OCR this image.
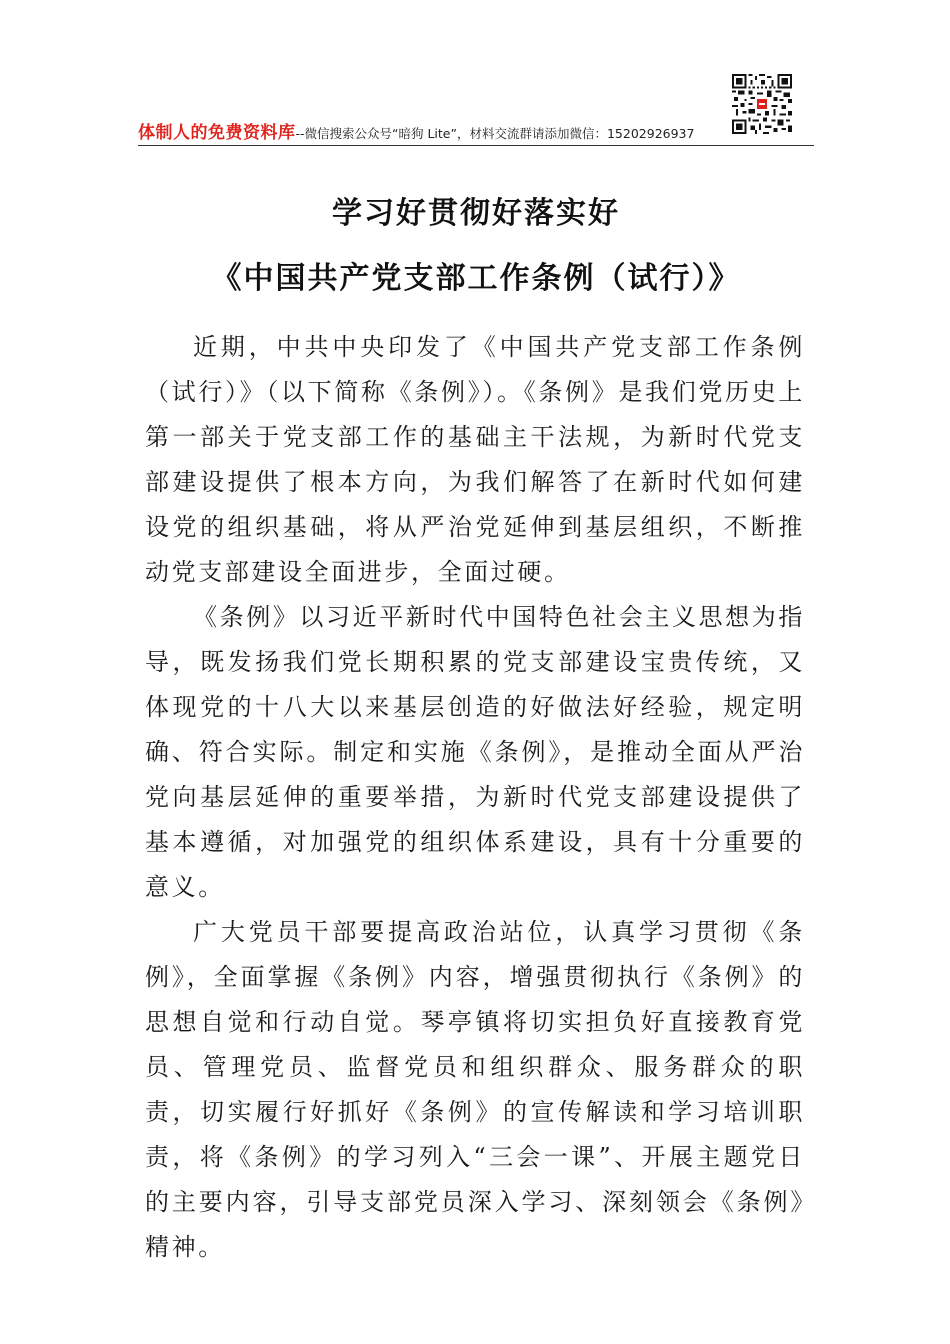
体制人的免费资料库--微信搜索公众号“暗狗 Lite”，材料交流群请添加微信：15202926937
学习好贯彻好落实好
《中国共产党支部工作条例（试行）》

近期，中共中央印发了《中国共产党支部工作条例（试行）》（以下简称《条例》）。《条例》是我们党历史上第一部关于党支部工作的基础主干法规，为新时代党支部建设提供了根本方向，为我们解答了在新时代如何建设党的组织基础，将从严治党延伸到基层组织，不断推动党支部建设全面进步，全面过硬。

《条例》以习近平新时代中国特色社会主义思想为指导，既发扬我们党长期积累的党支部建设宝贵传统，又体现党的十八大以来基层创造的好做法好经验，规定明确、符合实际。制定和实施《条例》，是推动全面从严治党向基层延伸的重要举措，为新时代党支部建设提供了基本遵循，对加强党的组织体系建设，具有十分重要的意义。

广大党员干部要提高政治站位，认真学习贯彻《条例》，全面掌握《条例》内容，增强贯彻执行《条例》的思想自觉和行动自觉。琴亭镇将切实担负好直接教育党员、管理党员、监督党员和组织群众、服务群众的职责，切实履行好抓好《条例》的宣传解读和学习培训职责，将《条例》的学习列入“三会一课”、开展主题党日的主要内容，引导支部党员深入学习、深刻领会《条例》精神。
